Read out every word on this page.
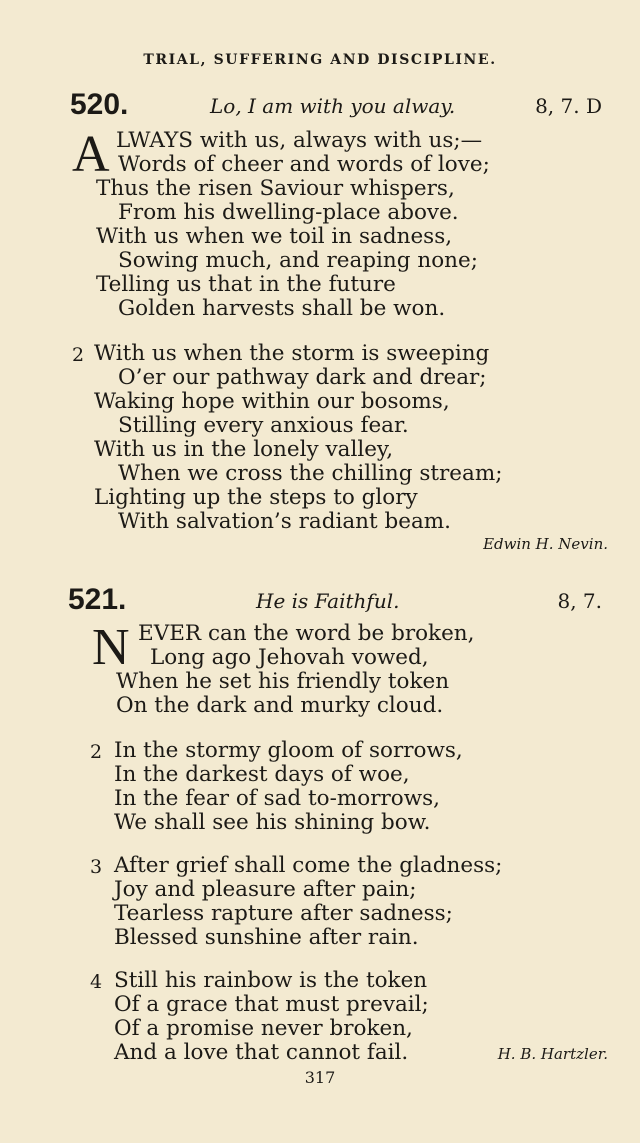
TRIAL, SUFFERING AND DISCIPLINE.
520.	Lo, I am with you alway.	8, 7. D
A LWAYS with us, always with us;—
Words of cheer and words of love;
Thus the risen Saviour whispers,
From his dwelling-place above.
With us when we toil in sadness,
Sowing much, and reaping none;
Telling us that in the future
Golden harvests shall be won.
2 With us when the storm is sweeping
O’er our pathway dark and drear;
Waking hope within our bosoms,
Stilling every anxious fear.
With us in the lonely valley,
When we cross the chilling stream;
Lighting up the steps to glory
With salvation’s radiant beam.
Edwin H. Nevin.
521.	He is Faithful.	8, 7.
N EVER can the word be broken,
Long ago Jehovah vowed,
When he set his friendly token
On the dark and murky cloud.
2 In the stormy gloom of sorrows,
In the darkest days of woe,
In the fear of sad to-morrows,
We shall see his shining bow.
3 After grief shall come the gladness;
Joy and pleasure after pain;
Tearless rapture after sadness;
Blessed sunshine after rain.
4 Still his rainbow is the token
Of a grace that must prevail;
Of a promise never broken,
And a love that cannot fail.	H. B. Hartzler.
317
